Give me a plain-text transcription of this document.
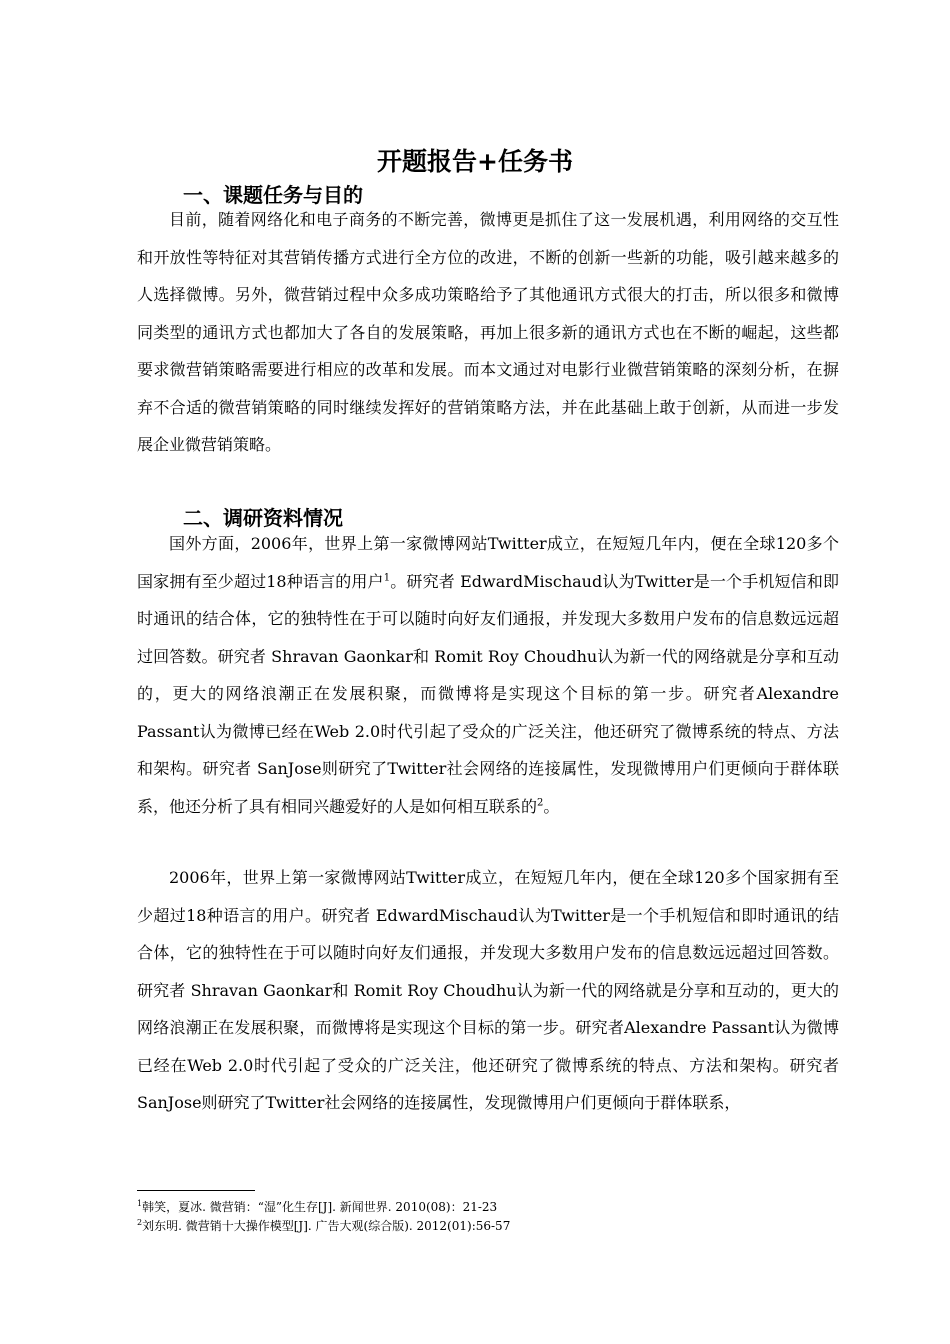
开题报告+任务书
一、课题任务与目的

目前，随着网络化和电子商务的不断完善，微博更是抓住了这一发展机遇，利用网络的交互性和开放性等特征对其营销传播方式进行全方位的改进，不断的创新一些新的功能，吸引越来越多的人选择微博。另外，微营销过程中众多成功策略给予了其他通讯方式很大的打击，所以很多和微博同类型的通讯方式也都加大了各自的发展策略，再加上很多新的通讯方式也在不断的崛起，这些都要求微营销策略需要进行相应的改革和发展。而本文通过对电影行业微营销策略的深刻分析，在摒弃不合适的微营销策略的同时继续发挥好的营销策略方法，并在此基础上敢于创新，从而进一步发展企业微营销策略。

二、调研资料情况

国外方面，2006年，世界上第一家微博网站Twitter成立，在短短几年内，便在全球120多个国家拥有至少超过18种语言的用户$^1$。研究者 EdwardMischaud认为Twitter是一个手机短信和即时通讯的结合体，它的独特性在于可以随时向好友们通报，并发现大多数用户发布的信息数远远超过回答数。研究者 Shravan Gaonkar和 Romit Roy Choudhu认为新一代的网络就是分享和互动的，更大的网络浪潮正在发展积聚，而微博将是实现这个目标的第一步。研究者Alexandre Passant认为微博已经在Web 2.0时代引起了受众的广泛关注，他还研究了微博系统的特点、方法和架构。研究者 SanJose则研究了Twitter社会网络的连接属性，发现微博用户们更倾向于群体联系，他还分析了具有相同兴趣爱好的人是如何相互联系的$^2$。

2006年，世界上第一家微博网站Twitter成立，在短短几年内，便在全球120多个国家拥有至少超过18种语言的用户。研究者 EdwardMischaud认为Twitter是一个手机短信和即时通讯的结合体，它的独特性在于可以随时向好友们通报，并发现大多数用户发布的信息数远远超过回答数。研究者 Shravan Gaonkar和 Romit Roy Choudhu认为新一代的网络就是分享和互动的，更大的网络浪潮正在发展积聚，而微博将是实现这个目标的第一步。研究者Alexandre Passant认为微博已经在Web 2.0时代引起了受众的广泛关注，他还研究了微博系统的特点、方法和架构。研究者SanJose则研究了Twitter社会网络的连接属性，发现微博用户们更倾向于群体联系，

$^1$韩笑，夏冰. 微营销：“湿”化生存[J]. 新闻世界. 2010(08)：21-23
$^2$刘东明. 微营销十大操作模型[J]. 广告大观(综合版). 2012(01):56-57
